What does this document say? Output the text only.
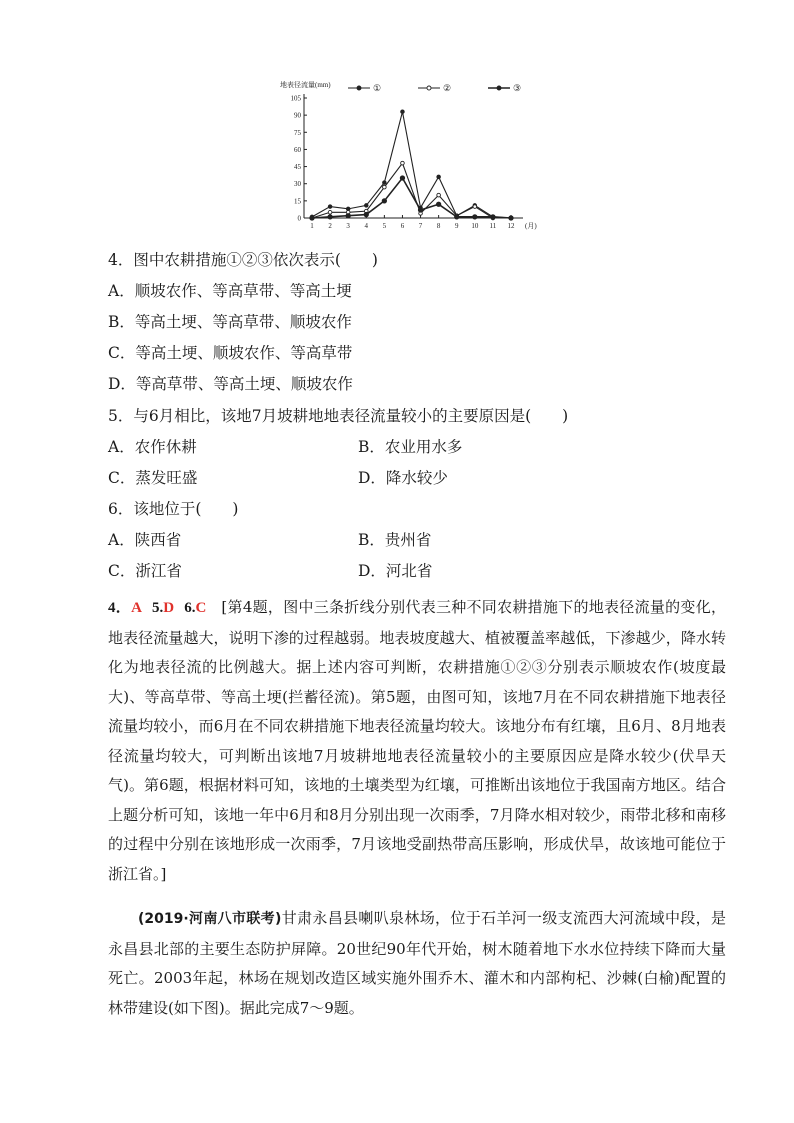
0
15
30
45
60
75
90
105
1 2 3 4 5 6 7 8 9 10 11 12 (月)
地表径流量(mm)	①	②	③
4．图中农耕措施①②③依次表示(　　)
A．顺坡农作、等高草带、等高土埂
B．等高土埂、等高草带、顺坡农作
C．等高土埂、顺坡农作、等高草带
D．等高草带、等高土埂、顺坡农作
5．与6月相比，该地7月坡耕地地表径流量较小的主要原因是(　　)
A．农作休耕	B．农业用水多
C．蒸发旺盛	D．降水较少
6．该地位于(　　)
A．陕西省	B．贵州省
C．浙江省	D．河北省
4．A 5.D 6.C [第4题，图中三条折线分别代表三种不同农耕措施下的地表径流量的变化，地表径流量越大，说明下渗的过程越弱。地表坡度越大、植被覆盖率越低，下渗越少，降水转化为地表径流的比例越大。据上述内容可判断，农耕措施①②③分别表示顺坡农作(坡度最大)、等高草带、等高土埂(拦蓄径流)。第5题，由图可知，该地7月在不同农耕措施下地表径流量均较小，而6月在不同农耕措施下地表径流量均较大。该地分布有红壤，且6月、8月地表径流量均较大，可判断出该地7月坡耕地地表径流量较小的主要原因应是降水较少(伏旱天气)。第6题，根据材料可知，该地的土壤类型为红壤，可推断出该地位于我国南方地区。结合上题分析可知，该地一年中6月和8月分别出现一次雨季，7月降水相对较少，雨带北移和南移的过程中分别在该地形成一次雨季，7月该地受副热带高压影响，形成伏旱，故该地可能位于浙江省。]
(2019·河南八市联考)甘肃永昌县喇叭泉林场，位于石羊河一级支流西大河流域中段，是永昌县北部的主要生态防护屏障。20世纪90年代开始，树木随着地下水水位持续下降而大量死亡。2003年起，林场在规划改造区域实施外围乔木、灌木和内部枸杞、沙棘(白榆)配置的林带建设(如下图)。据此完成7～9题。
